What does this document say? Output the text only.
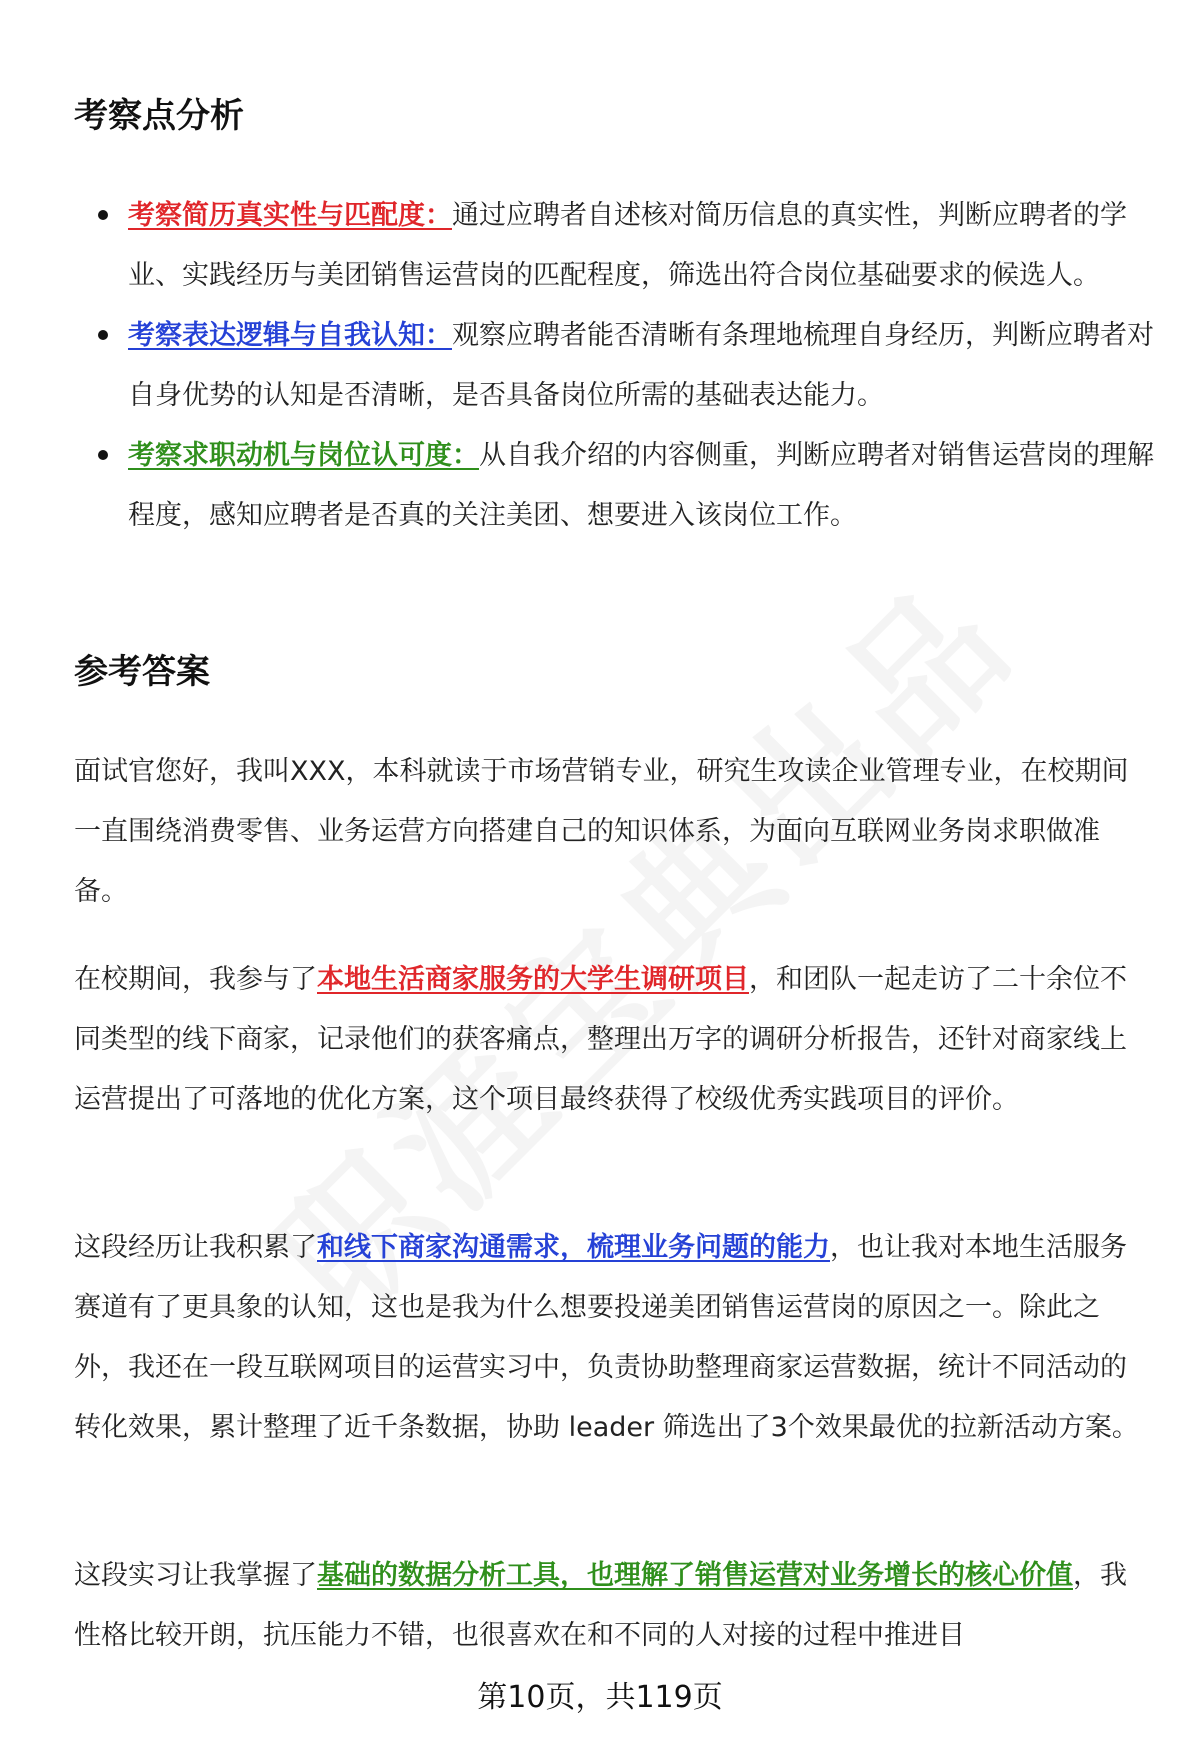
考察点分析
考察简历真实性与匹配度：通过应聘者自述核对简历信息的真实性，判断应聘者的学业、实践经历与美团销售运营岗的匹配程度，筛选出符合岗位基础要求的候选人。
考察表达逻辑与自我认知：观察应聘者能否清晰有条理地梳理自身经历，判断应聘者对自身优势的认知是否清晰，是否具备岗位所需的基础表达能力。
考察求职动机与岗位认可度：从自我介绍的内容侧重，判断应聘者对销售运营岗的理解程度，感知应聘者是否真的关注美团、想要进入该岗位工作。
参考答案

面试官您好，我叫XXX，本科就读于市场营销专业，研究生攻读企业管理专业，在校期间一直围绕消费零售、业务运营方向搭建自己的知识体系，为面向互联网业务岗求职做准备。

在校期间，我参与了本地生活商家服务的大学生调研项目，和团队一起走访了二十余位不同类型的线下商家，记录他们的获客痛点，整理出万字的调研分析报告，还针对商家线上运营提出了可落地的优化方案，这个项目最终获得了校级优秀实践项目的评价。

这段经历让我积累了和线下商家沟通需求，梳理业务问题的能力，也让我对本地生活服务赛道有了更具象的认知，这也是我为什么想要投递美团销售运营岗的原因之一。除此之外，我还在一段互联网项目的运营实习中，负责协助整理商家运营数据，统计不同活动的转化效果，累计整理了近千条数据，协助 leader 筛选出了3个效果最优的拉新活动方案。

这段实习让我掌握了基础的数据分析工具，也理解了销售运营对业务增长的核心价值，我性格比较开朗，抗压能力不错，也很喜欢在和不同的人对接的过程中推进目

第10页，共119页
